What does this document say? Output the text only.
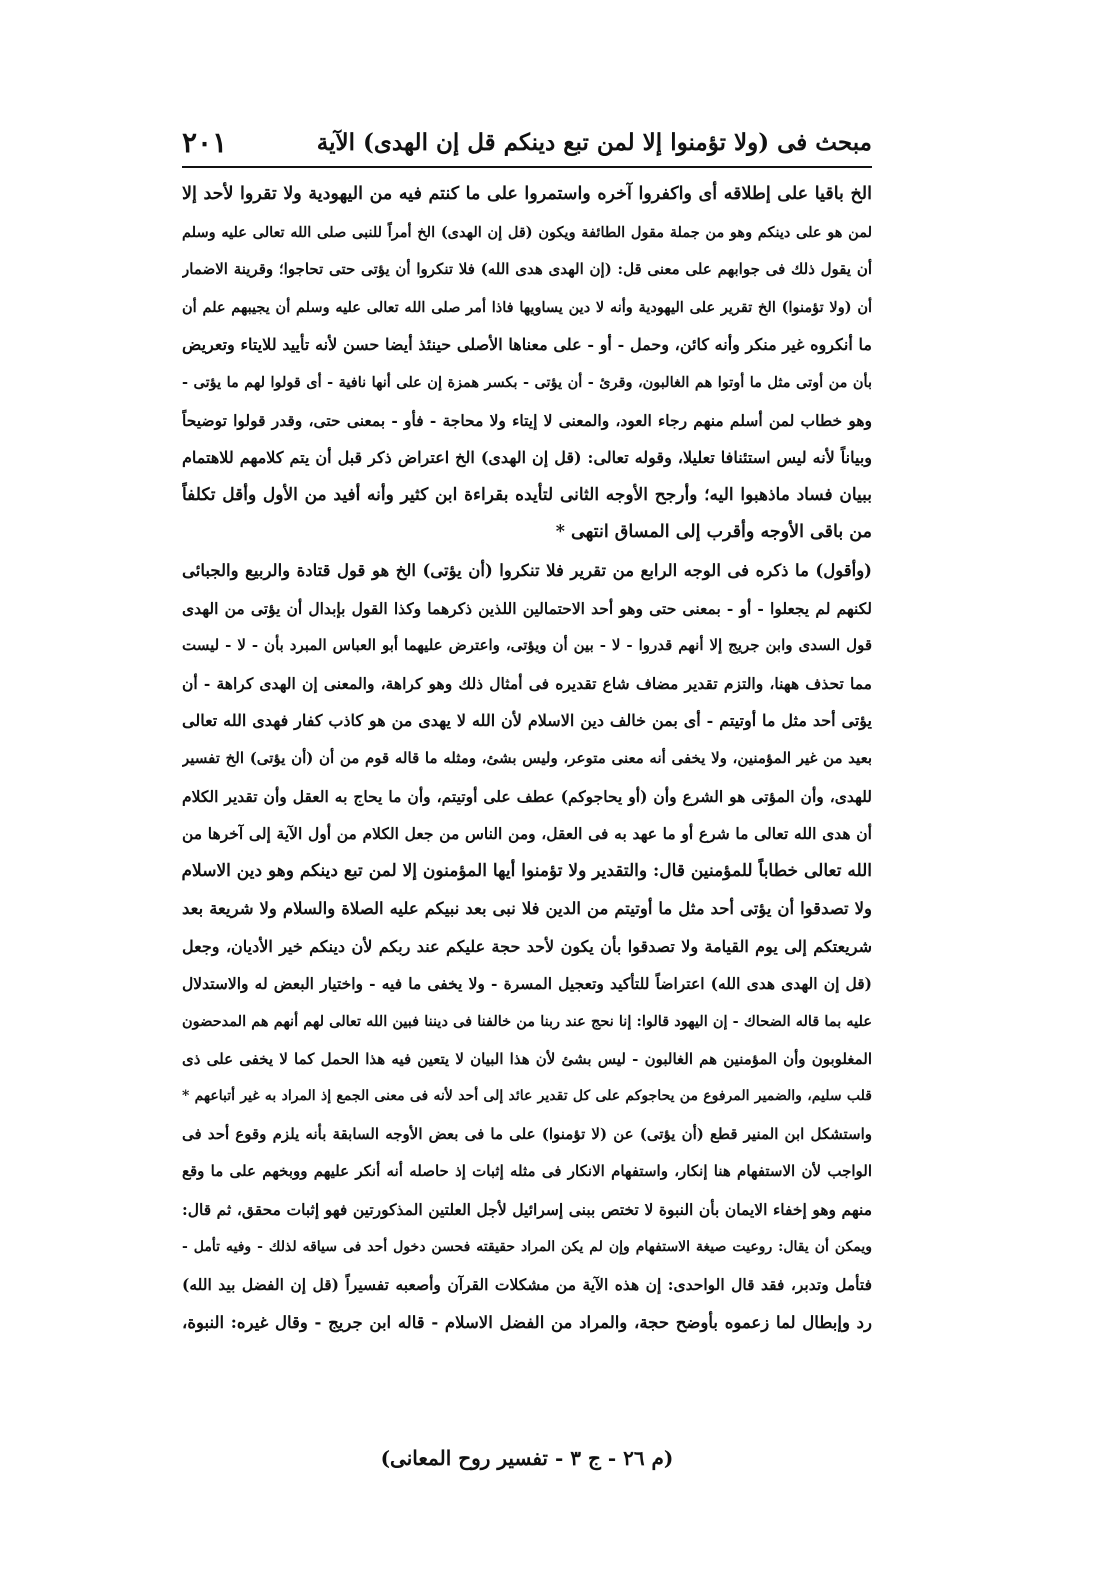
مبحث فى (ولا تؤمنوا إلا لمن تبع دينكم قل إن الهدى) الآية
٢٠١
الخ باقيا على إطلاقه أى واكفروا آخره واستمروا على ما كنتم فيه من اليهودية ولا تقروا لأحد إلا
لمن هو على دينكم وهو من جملة مقول الطائفة ويكون (قل إن الهدى) الخ أمراً للنبى صلى الله تعالى عليه وسلم
أن يقول ذلك فى جوابهم على معنى قل: (إن الهدى هدى الله) فلا تنكروا أن يؤتى حتى تحاجوا؛ وقرينة الاضمار
أن (ولا تؤمنوا) الخ تقرير على اليهودية وأنه لا دين يساويها فاذا أمر صلى الله تعالى عليه وسلم أن يجيبهم علم أن
ما أنكروه غير منكر وأنه كائن، وحمل - أو - على معناها الأصلى حينئذ أيضا حسن لأنه تأييد للايتاء وتعريض
بأن من أوتى مثل ما أوتوا هم الغالبون، وقرئ - أن يؤتى - بكسر همزة إن على أنها نافية - أى قولوا لهم ما يؤتى -
وهو خطاب لمن أسلم منهم رجاء العود، والمعنى لا إيتاء ولا محاجة - فأو - بمعنى حتى، وقدر قولوا توضيحاً
وبياناً لأنه ليس استئنافا تعليلا، وقوله تعالى: (قل إن الهدى) الخ اعتراض ذكر قبل أن يتم كلامهم للاهتمام
ببيان فساد ماذهبوا اليه؛ وأرجح الأوجه الثانى لتأيده بقراءة ابن كثير وأنه أفيد من الأول وأقل تكلفاً
من باقى الأوجه وأقرب إلى المساق انتهى *
(وأقول) ما ذكره فى الوجه الرابع من تقرير فلا تنكروا (أن يؤتى) الخ هو قول قتادة والربيع والجبائى
لكنهم لم يجعلوا - أو - بمعنى حتى وهو أحد الاحتمالين اللذين ذكرهما وكذا القول بإبدال أن يؤتى من الهدى
قول السدى وابن جريج إلا أنهم قدروا - لا - بين أن ويؤتى، واعترض عليهما أبو العباس المبرد بأن - لا - ليست
مما تحذف ههنا، والتزم تقدير مضاف شاع تقديره فى أمثال ذلك وهو كراهة، والمعنى إن الهدى كراهة - أن
يؤتى أحد مثل ما أوتيتم - أى بمن خالف دين الاسلام لأن الله لا يهدى من هو كاذب كفار فهدى الله تعالى
بعيد من غير المؤمنين، ولا يخفى أنه معنى متوعر، وليس بشئ، ومثله ما قاله قوم من أن (أن يؤتى) الخ تفسير
للهدى، وأن المؤتى هو الشرع وأن (أو يحاجوكم) عطف على أوتيتم، وأن ما يحاج به العقل وأن تقدير الكلام
أن هدى الله تعالى ما شرع أو ما عهد به فى العقل، ومن الناس من جعل الكلام من أول الآية إلى آخرها من
الله تعالى خطاباً للمؤمنين قال: والتقدير ولا تؤمنوا أيها المؤمنون إلا لمن تبع دينكم وهو دين الاسلام
ولا تصدقوا أن يؤتى أحد مثل ما أوتيتم من الدين فلا نبى بعد نبيكم عليه الصلاة والسلام ولا شريعة بعد
شريعتكم إلى يوم القيامة ولا تصدقوا بأن يكون لأحد حجة عليكم عند ربكم لأن دينكم خير الأديان، وجعل
(قل إن الهدى هدى الله) اعتراضاً للتأكيد وتعجيل المسرة - ولا يخفى ما فيه - واختيار البعض له والاستدلال
عليه بما قاله الضحاك - إن اليهود قالوا: إنا نحج عند ربنا من خالفنا فى ديننا فبين الله تعالى لهم أنهم هم المدحضون
المغلوبون وأن المؤمنين هم الغالبون - ليس بشئ لأن هذا البيان لا يتعين فيه هذا الحمل كما لا يخفى على ذى
قلب سليم، والضمير المرفوع من يحاجوكم على كل تقدير عائد إلى أحد لأنه فى معنى الجمع إذ المراد به غير أتباعهم *
واستشكل ابن المنير قطع (أن يؤتى) عن (لا تؤمنوا) على ما فى بعض الأوجه السابقة بأنه يلزم وقوع أحد فى
الواجب لأن الاستفهام هنا إنكار، واستفهام الانكار فى مثله إثبات إذ حاصله أنه أنكر عليهم ووبخهم على ما وقع
منهم وهو إخفاء الايمان بأن النبوة لا تختص ببنى إسرائيل لأجل العلتين المذكورتين فهو إثبات محقق، ثم قال:
ويمكن أن يقال: روعيت صيغة الاستفهام وإن لم يكن المراد حقيقته فحسن دخول أحد فى سياقه لذلك - وفيه تأمل -
فتأمل وتدبر، فقد قال الواحدى: إن هذه الآية من مشكلات القرآن وأصعبه تفسيراً (قل إن الفضل بيد الله)
رد وإبطال لما زعموه بأوضح حجة، والمراد من الفضل الاسلام - قاله ابن جريج - وقال غيره: النبوة،
(م ٢٦ - ج ٣ - تفسير روح المعانى)
